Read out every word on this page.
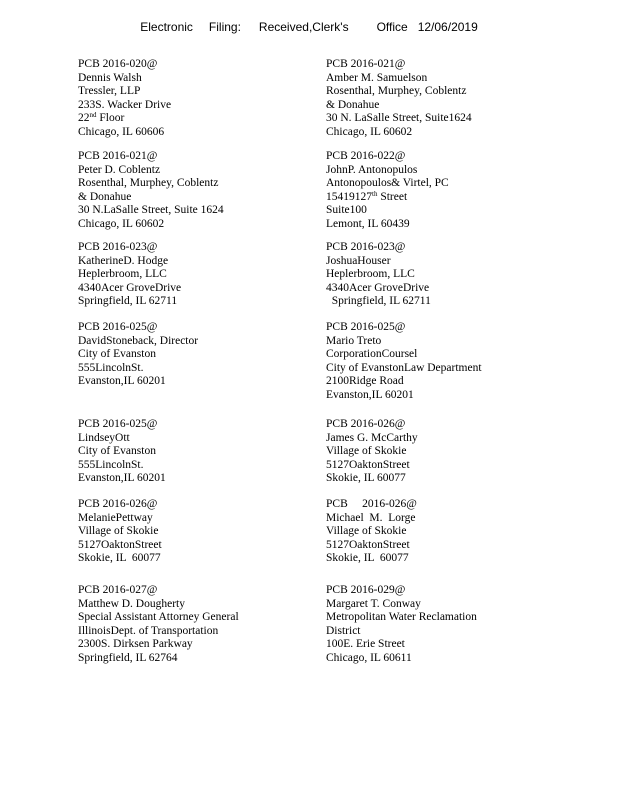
Electronic Filing: Received,Clerk's Office 12/06/2019
PCB 2016-020@
Dennis Walsh
Tressler, LLP
233S. Wacker Drive
22nd Floor
Chicago, IL 60606
PCB 2016-021@
Amber M. Samuelson
Rosenthal, Murphey, Coblentz
& Donahue
30 N. LaSalle Street, Suite1624
Chicago, IL 60602
PCB 2016-021@
Peter D. Coblentz
Rosenthal, Murphey, Coblentz
& Donahue
30 N.LaSalle Street, Suite 1624
Chicago, IL 60602
PCB 2016-022@
JohnP. Antonopulos
Antonopoulos& Virtel, PC
15419127th Street
Suite100
Lemont, IL 60439
PCB 2016-023@
KatherineD. Hodge
Heplerbroom, LLC
4340Acer GroveDrive
Springfield, IL 62711
PCB 2016-023@
JoshuaHouser
Heplerbroom, LLC
4340Acer GroveDrive
Springfield, IL 62711
PCB 2016-025@
DavidStoneback, Director
City of Evanston
555LincolnSt.
Evanston,IL 60201
PCB 2016-025@
Mario Treto
CorporationCoursel
City of EvanstonLaw Department
2100Ridge Road
Evanston,IL 60201
PCB 2016-025@
LindseyOtt
City of Evanston
555LincolnSt.
Evanston,IL 60201
PCB 2016-026@
James G. McCarthy
Village of Skokie
5127OaktonStreet
Skokie, IL 60077
PCB 2016-026@
MelaniePettway
Village of Skokie
5127OaktonStreet
Skokie, IL  60077
PCB     2016-026@
Michael  M.  Lorge
Village of Skokie
5127OaktonStreet
Skokie, IL  60077
PCB 2016-027@
Matthew D. Dougherty
Special Assistant Attorney General
IllinoisDept. of Transportation
2300S. Dirksen Parkway
Springfield, IL 62764
PCB 2016-029@
Margaret T. Conway
Metropolitan Water Reclamation
District
100E. Erie Street
Chicago, IL 60611
